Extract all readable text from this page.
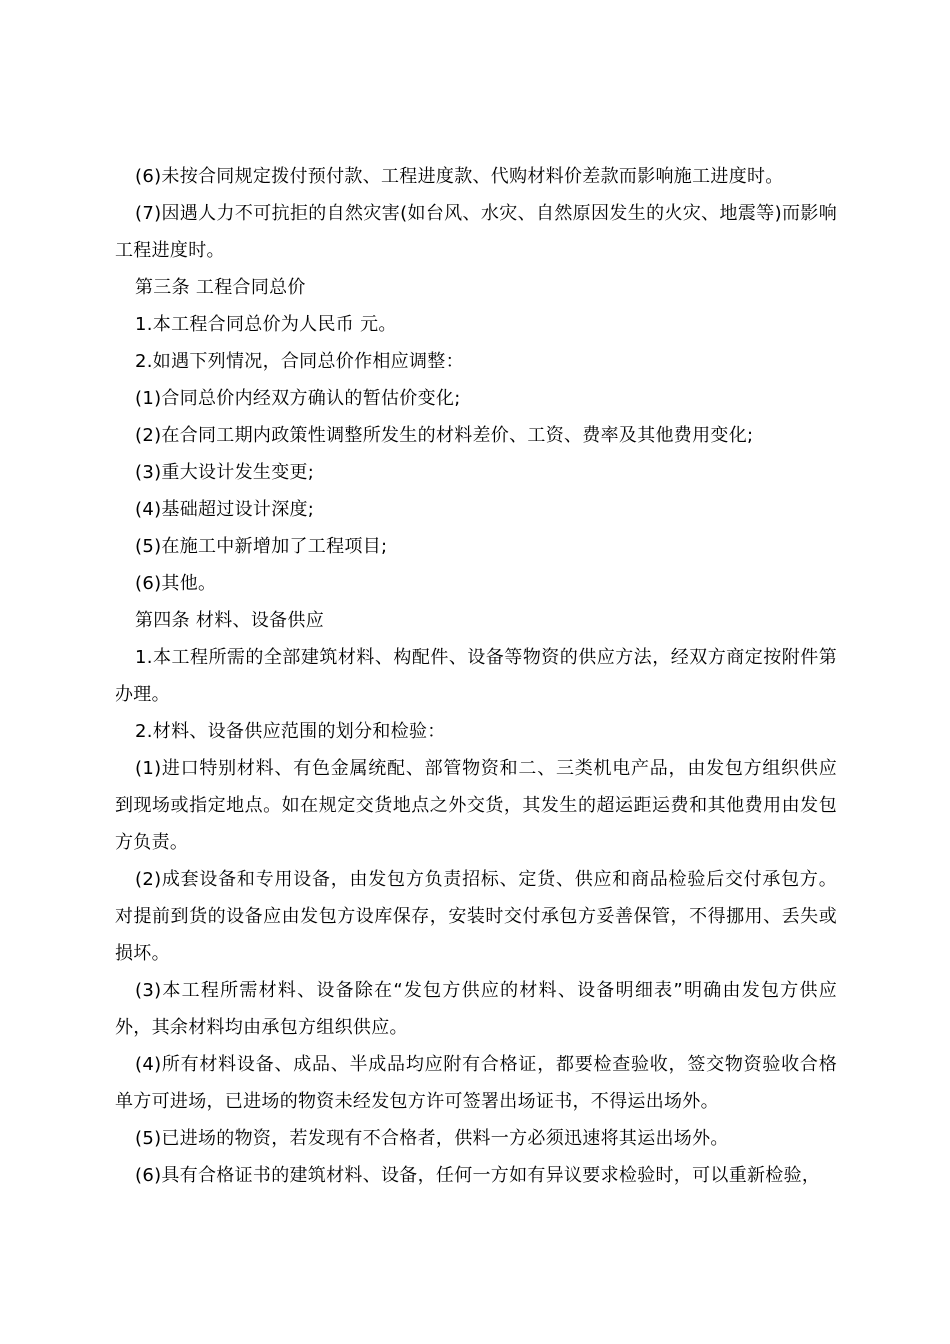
(6)未按合同规定拨付预付款、工程进度款、代购材料价差款而影响施工进度时。

(7)因遇人力不可抗拒的自然灾害(如台风、水灾、自然原因发生的火灾、地震等)而影响工程进度时。

第三条 工程合同总价

1.本工程合同总价为人民币 元。

2.如遇下列情况，合同总价作相应调整：

(1)合同总价内经双方确认的暂估价变化;

(2)在合同工期内政策性调整所发生的材料差价、工资、费率及其他费用变化;

(3)重大设计发生变更;

(4)基础超过设计深度;

(5)在施工中新增加了工程项目;

(6)其他。

第四条 材料、设备供应

1.本工程所需的全部建筑材料、构配件、设备等物资的供应方法，经双方商定按附件第 办理。

2.材料、设备供应范围的划分和检验：

(1)进口特别材料、有色金属统配、部管物资和二、三类机电产品，由发包方组织供应到现场或指定地点。如在规定交货地点之外交货，其发生的超运距运费和其他费用由发包方负责。

(2)成套设备和专用设备，由发包方负责招标、定货、供应和商品检验后交付承包方。对提前到货的设备应由发包方设库保存，安装时交付承包方妥善保管，不得挪用、丢失或损坏。

(3)本工程所需材料、设备除在“发包方供应的材料、设备明细表”明确由发包方供应外，其余材料均由承包方组织供应。

(4)所有材料设备、成品、半成品均应附有合格证，都要检查验收，签交物资验收合格单方可进场，已进场的物资未经发包方许可签署出场证书，不得运出场外。

(5)已进场的物资，若发现有不合格者，供料一方必须迅速将其运出场外。

(6)具有合格证书的建筑材料、设备，任何一方如有异议要求检验时，可以重新检验，
